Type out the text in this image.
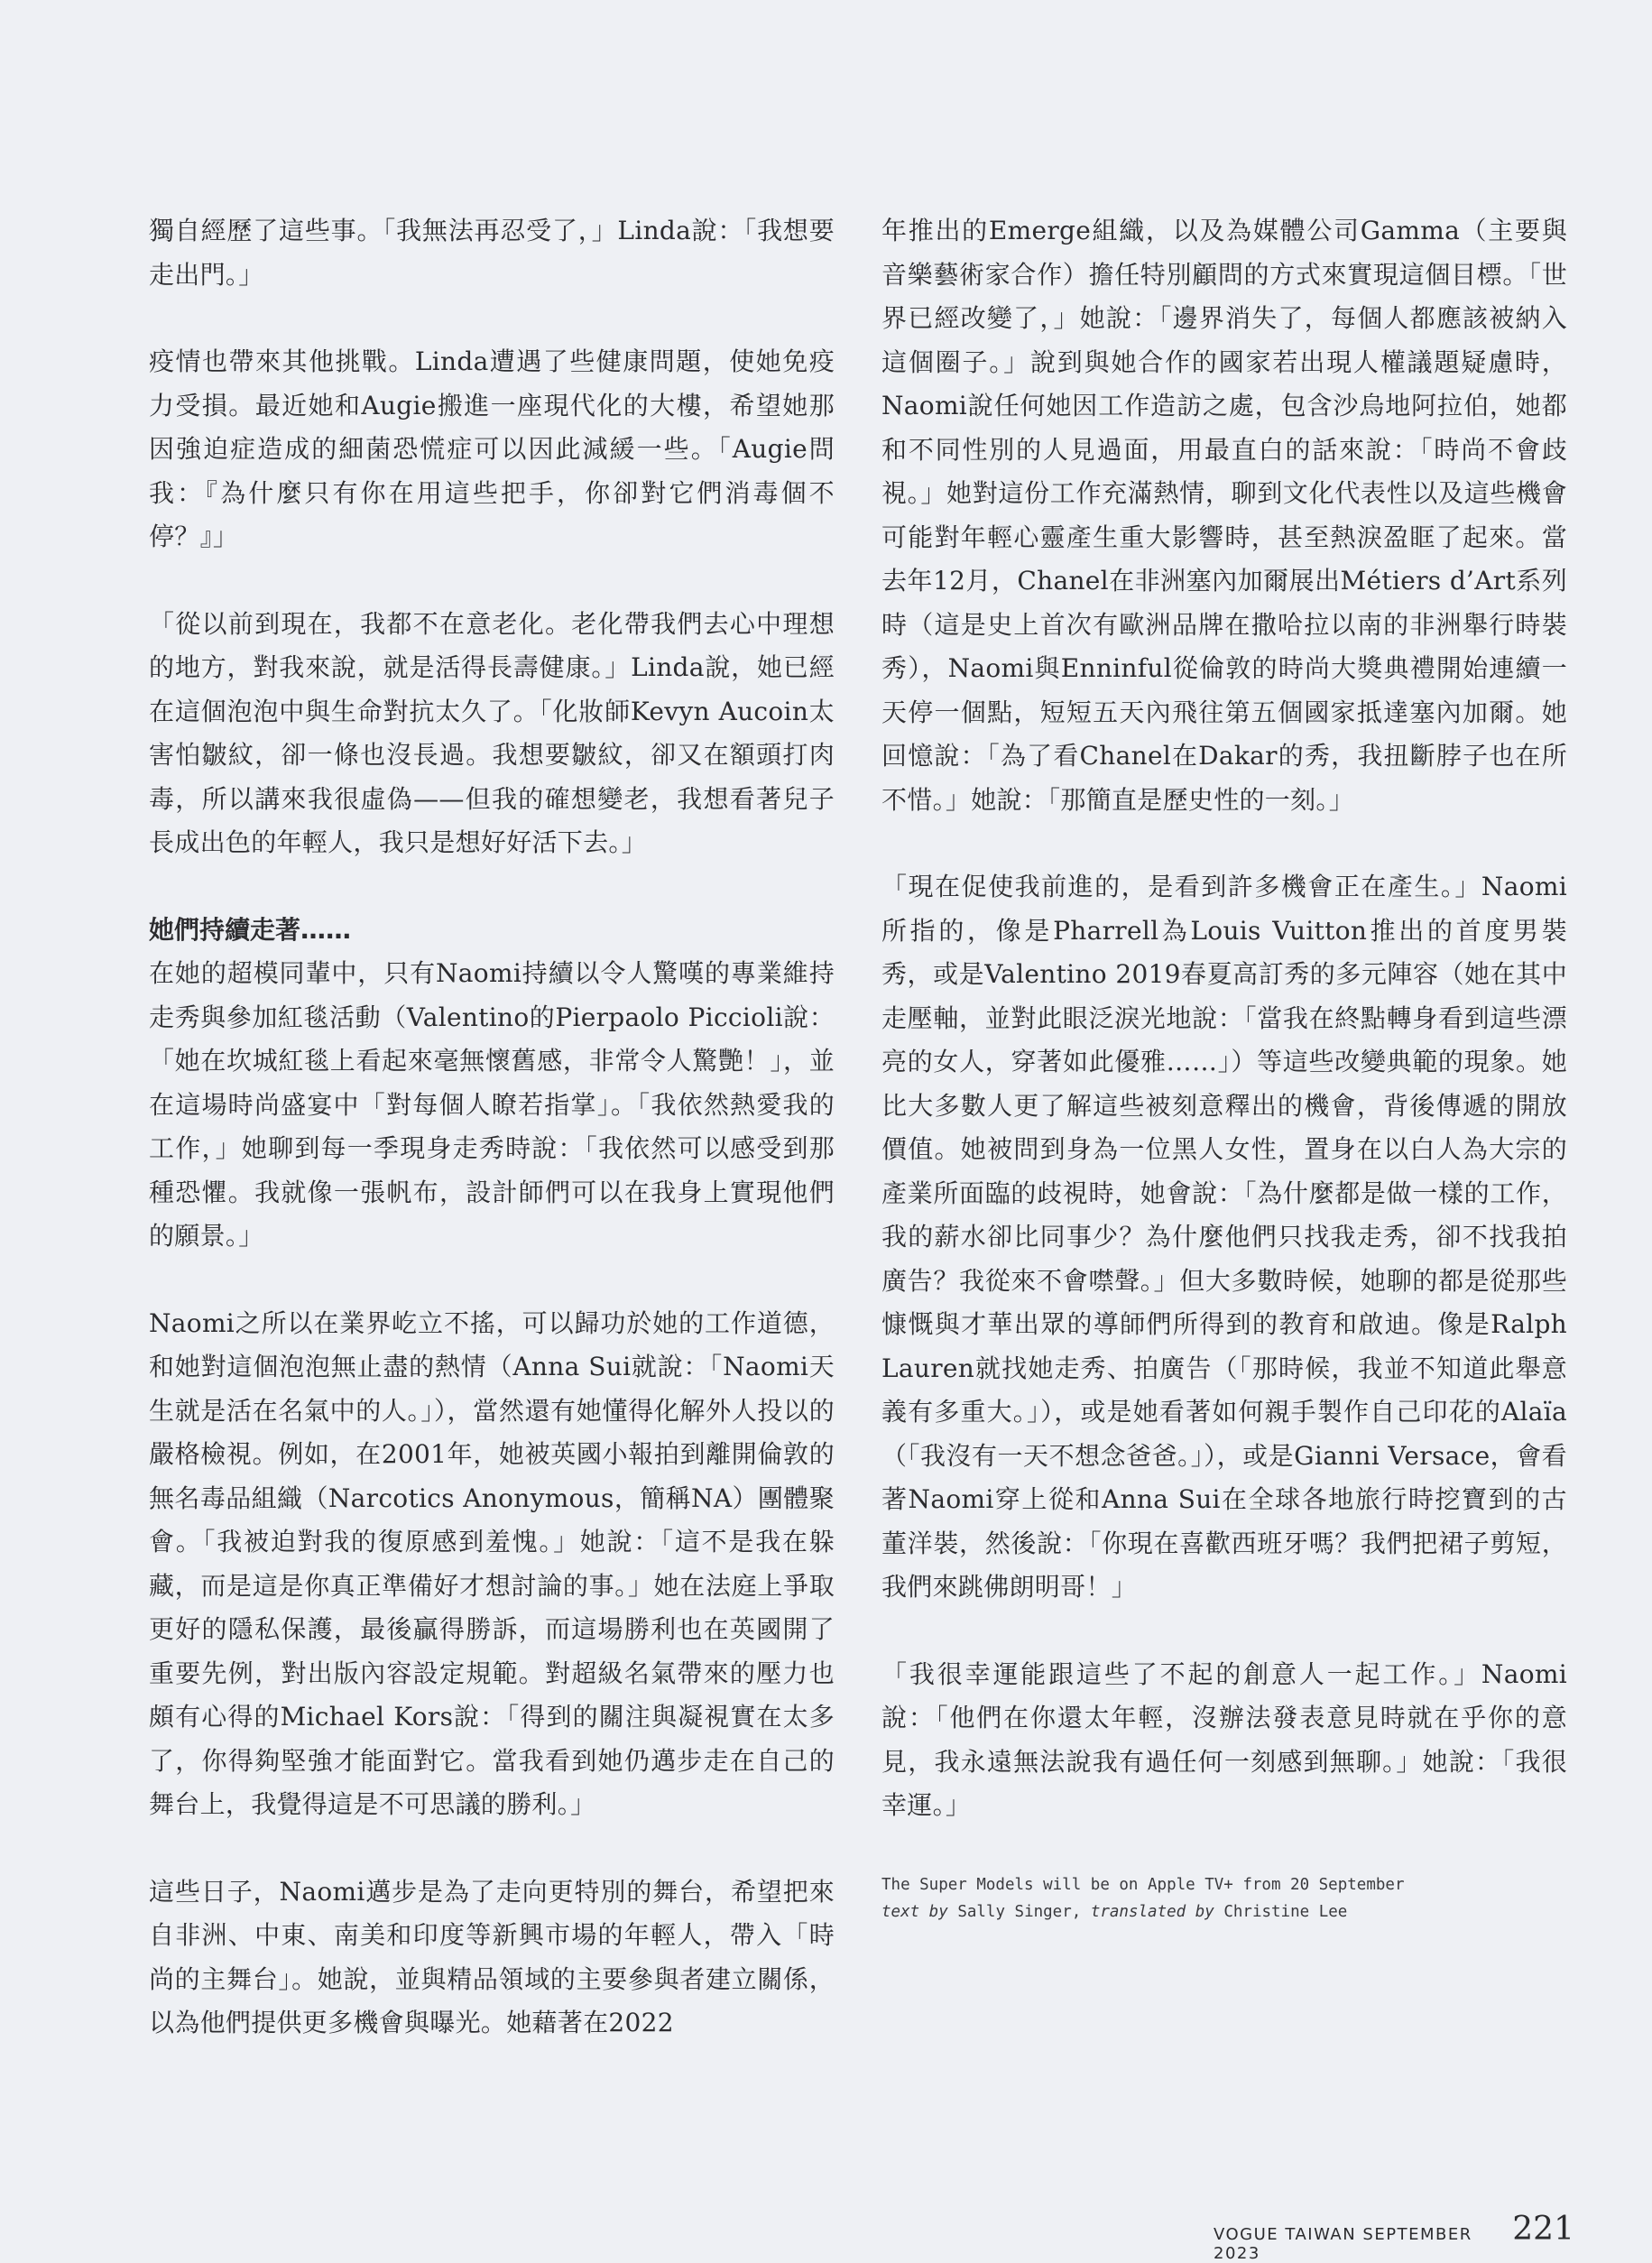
獨自經歷了這些事。「我無法再忍受了，」Linda說：「我想要走出門。」

疫情也帶來其他挑戰。Linda遭遇了些健康問題，使她免疫力受損。最近她和Augie搬進一座現代化的大樓，希望她那因強迫症造成的細菌恐慌症可以因此減緩一些。「Augie問我：『為什麼只有你在用這些把手，你卻對它們消毒個不停？』」

「從以前到現在，我都不在意老化。老化帶我們去心中理想的地方，對我來說，就是活得長壽健康。」Linda說，她已經在這個泡泡中與生命對抗太久了。「化妝師Kevyn Aucoin太害怕皺紋，卻一條也沒長過。我想要皺紋，卻又在額頭打肉毒，所以講來我很虛偽——但我的確想變老，我想看著兒子長成出色的年輕人，我只是想好好活下去。」

她們持續走著……

在她的超模同輩中，只有Naomi持續以令人驚嘆的專業維持走秀與參加紅毯活動（Valentino的Pierpaolo Piccioli說：「她在坎城紅毯上看起來毫無懷舊感，非常令人驚艷！」，並在這場時尚盛宴中「對每個人瞭若指掌」。「我依然熱愛我的工作，」她聊到每一季現身走秀時說：「我依然可以感受到那種恐懼。我就像一張帆布，設計師們可以在我身上實現他們的願景。」

Naomi之所以在業界屹立不搖，可以歸功於她的工作道德，和她對這個泡泡無止盡的熱情（Anna Sui就說：「Naomi天生就是活在名氣中的人。」），當然還有她懂得化解外人投以的嚴格檢視。例如，在2001年，她被英國小報拍到離開倫敦的無名毒品組織（Narcotics Anonymous，簡稱NA）團體聚會。「我被迫對我的復原感到羞愧。」她說：「這不是我在躲藏，而是這是你真正準備好才想討論的事。」她在法庭上爭取更好的隱私保護，最後贏得勝訴，而這場勝利也在英國開了重要先例，對出版內容設定規範。對超級名氣帶來的壓力也頗有心得的Michael Kors說：「得到的關注與凝視實在太多了，你得夠堅強才能面對它。當我看到她仍邁步走在自己的舞台上，我覺得這是不可思議的勝利。」

這些日子，Naomi邁步是為了走向更特別的舞台，希望把來自非洲、中東、南美和印度等新興市場的年輕人，帶入「時尚的主舞台」。她說，並與精品領域的主要參與者建立關係，以為他們提供更多機會與曝光。她藉著在2022

年推出的Emerge組織，以及為媒體公司Gamma（主要與音樂藝術家合作）擔任特別顧問的方式來實現這個目標。「世界已經改變了，」她說：「邊界消失了，每個人都應該被納入這個圈子。」說到與她合作的國家若出現人權議題疑慮時，Naomi說任何她因工作造訪之處，包含沙烏地阿拉伯，她都和不同性別的人見過面，用最直白的話來說：「時尚不會歧視。」她對這份工作充滿熱情，聊到文化代表性以及這些機會可能對年輕心靈產生重大影響時，甚至熱淚盈眶了起來。當去年12月，Chanel在非洲塞內加爾展出Métiers d’Art系列時（這是史上首次有歐洲品牌在撒哈拉以南的非洲舉行時裝秀），Naomi與Enninful從倫敦的時尚大獎典禮開始連續一天停一個點，短短五天內飛往第五個國家抵達塞內加爾。她回憶說：「為了看Chanel在Dakar的秀，我扭斷脖子也在所不惜。」她說：「那簡直是歷史性的一刻。」

「現在促使我前進的，是看到許多機會正在產生。」Naomi所指的，像是Pharrell為Louis Vuitton推出的首度男裝秀，或是Valentino 2019春夏高訂秀的多元陣容（她在其中走壓軸，並對此眼泛淚光地說：「當我在終點轉身看到這些漂亮的女人，穿著如此優雅……」）等這些改變典範的現象。她比大多數人更了解這些被刻意釋出的機會，背後傳遞的開放價值。她被問到身為一位黑人女性，置身在以白人為大宗的產業所面臨的歧視時，她會說：「為什麼都是做一樣的工作，我的薪水卻比同事少？為什麼他們只找我走秀，卻不找我拍廣告？我從來不會噤聲。」但大多數時候，她聊的都是從那些慷慨與才華出眾的導師們所得到的教育和啟迪。像是Ralph Lauren就找她走秀、拍廣告（「那時候，我並不知道此舉意義有多重大。」），或是她看著如何親手製作自己印花的Alaïa（「我沒有一天不想念爸爸。」），或是Gianni Versace，會看著Naomi穿上從和Anna Sui在全球各地旅行時挖寶到的古董洋裝，然後說：「你現在喜歡西班牙嗎？我們把裙子剪短，我們來跳佛朗明哥！」

「我很幸運能跟這些了不起的創意人一起工作。」Naomi說：「他們在你還太年輕，沒辦法發表意見時就在乎你的意見，我永遠無法說我有過任何一刻感到無聊。」她說：「我很幸運。」

The Super Models will be on Apple TV+ from 20 September
text by Sally Singer, translated by Christine Lee
VOGUE TAIWAN SEPTEMBER 2023
221
